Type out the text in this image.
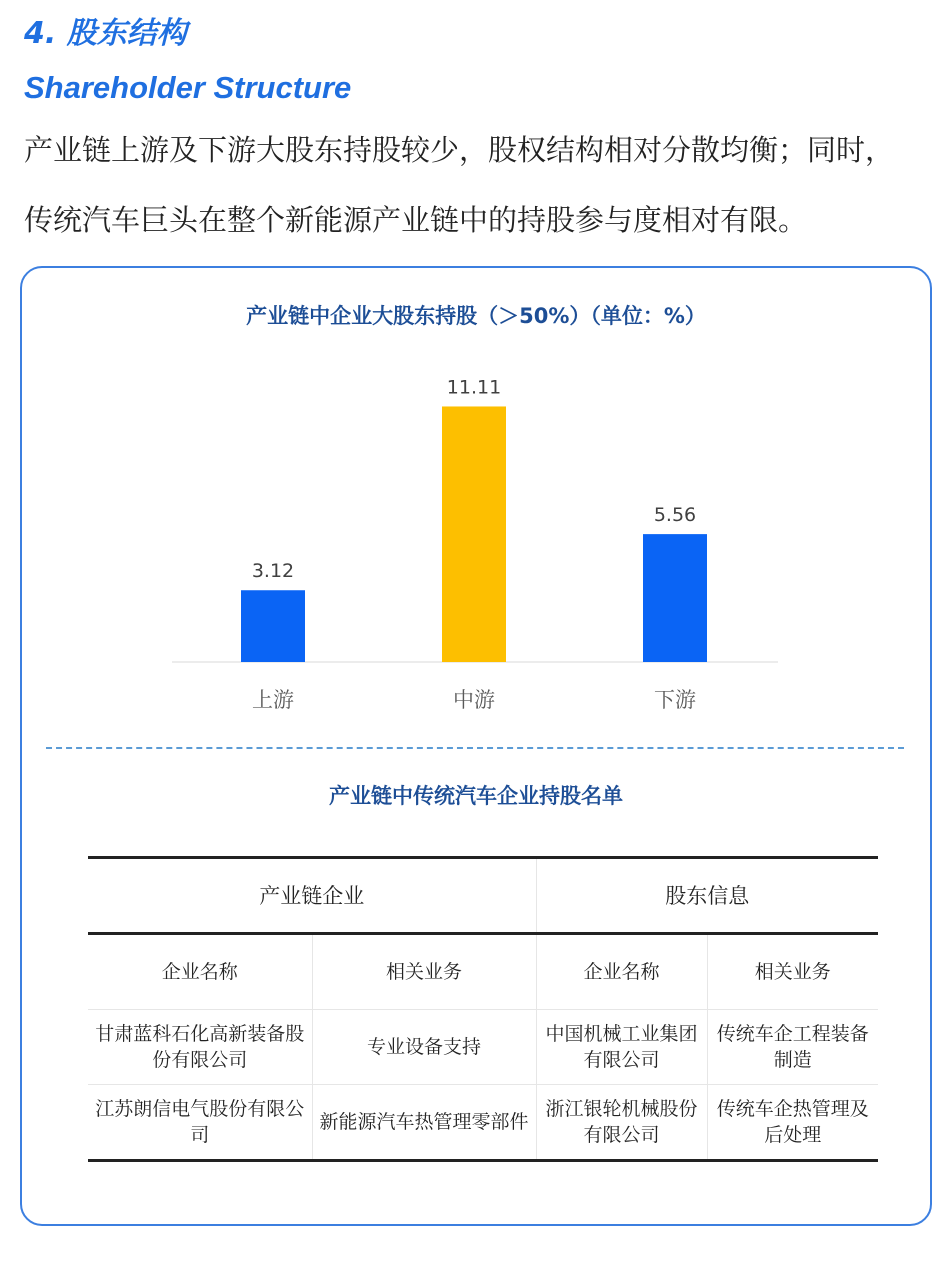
4. 股东结构
Shareholder Structure

产业链上游及下游大股东持股较少，股权结构相对分散均衡；同时，

传统汽车巨头在整个新能源产业链中的持股参与度相对有限。

产业链中企业大股东持股（＞50%）（单位：%）
3.12
上游
11.11
中游
5.56
下游
产业链中传统汽车企业持股名单
产业链企业		股东信息	
企业名称	相关业务	企业名称	相关业务
甘肃蓝科石化高新装备股份有限公司	专业设备支持	中国机械工业集团有限公司	传统车企工程装备制造
江苏朗信电气股份有限公司	新能源汽车热管理零部件	浙江银轮机械股份有限公司	传统车企热管理及后处理
